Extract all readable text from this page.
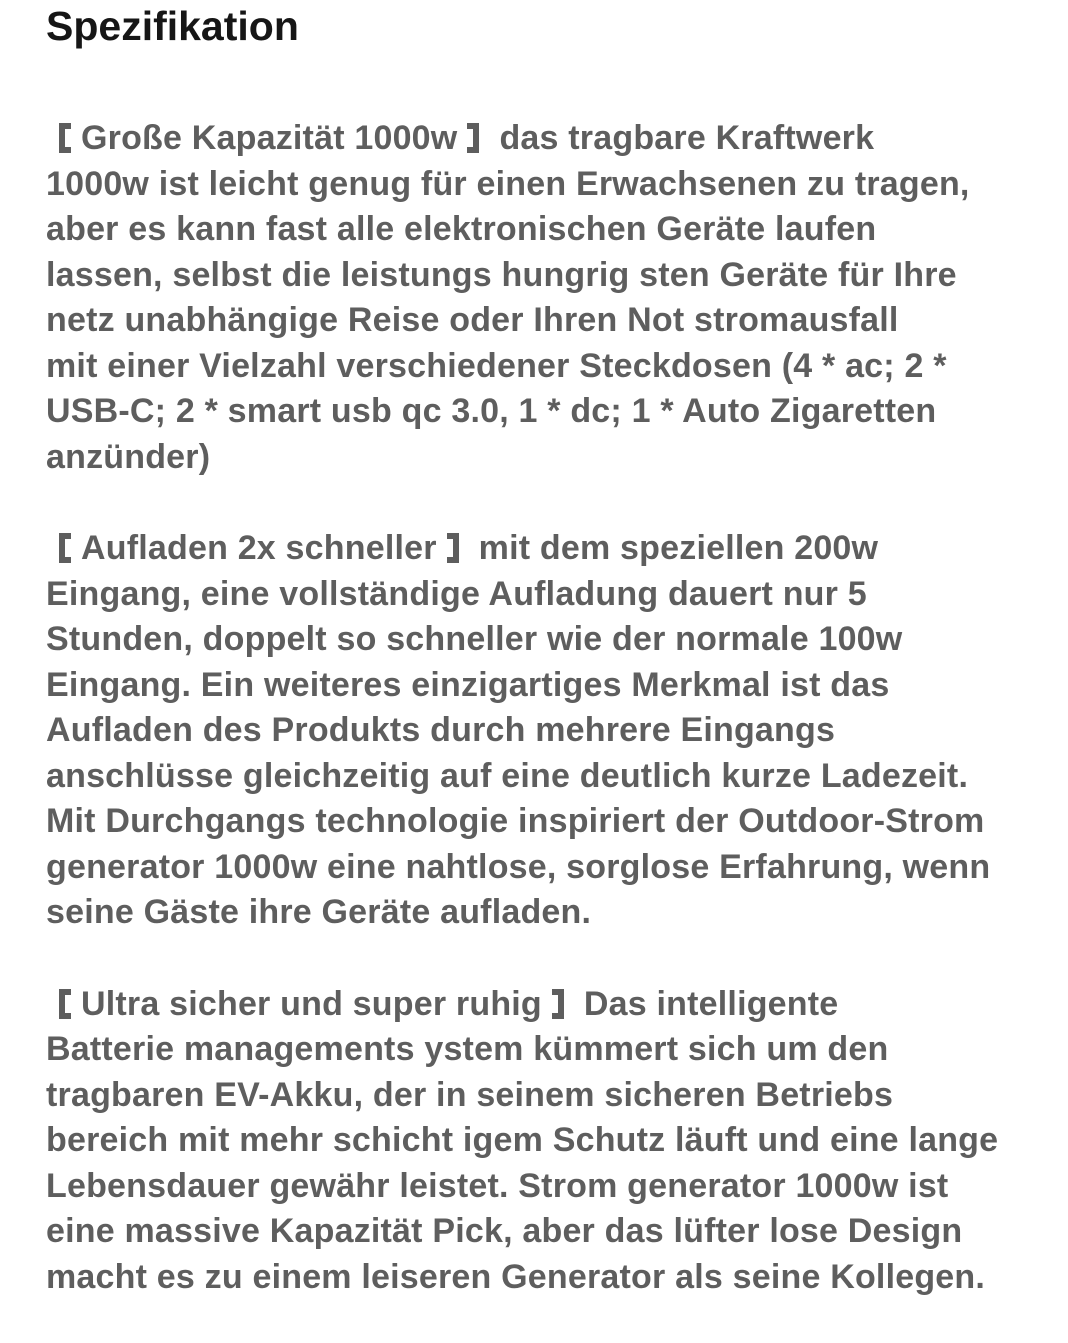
Spezifikation
Große Kapazität 1000w das tragbare Kraftwerk
1000w ist leicht genug für einen Erwachsenen zu tragen,
aber es kann fast alle elektronischen Geräte laufen
lassen, selbst die leistungs hungrig sten Geräte für Ihre
netz unabhängige Reise oder Ihren Not stromausfall
mit einer Vielzahl verschiedener Steckdosen (4 * ac; 2 *
USB-C; 2 * smart usb qc 3.0, 1 * dc; 1 * Auto Zigaretten
anzünder)
Aufladen 2x schneller mit dem speziellen 200w
Eingang, eine vollständige Aufladung dauert nur 5
Stunden, doppelt so schneller wie der normale 100w
Eingang. Ein weiteres einzigartiges Merkmal ist das
Aufladen des Produkts durch mehrere Eingangs
anschlüsse gleichzeitig auf eine deutlich kurze Ladezeit.
Mit Durchgangs technologie inspiriert der Outdoor-Strom
generator 1000w eine nahtlose, sorglose Erfahrung, wenn
seine Gäste ihre Geräte aufladen.
Ultra sicher und super ruhig Das intelligente
Batterie managements ystem kümmert sich um den
tragbaren EV-Akku, der in seinem sicheren Betriebs
bereich mit mehr schicht igem Schutz läuft und eine lange
Lebensdauer gewähr leistet. Strom generator 1000w ist
eine massive Kapazität Pick, aber das lüfter lose Design
macht es zu einem leiseren Generator als seine Kollegen.
